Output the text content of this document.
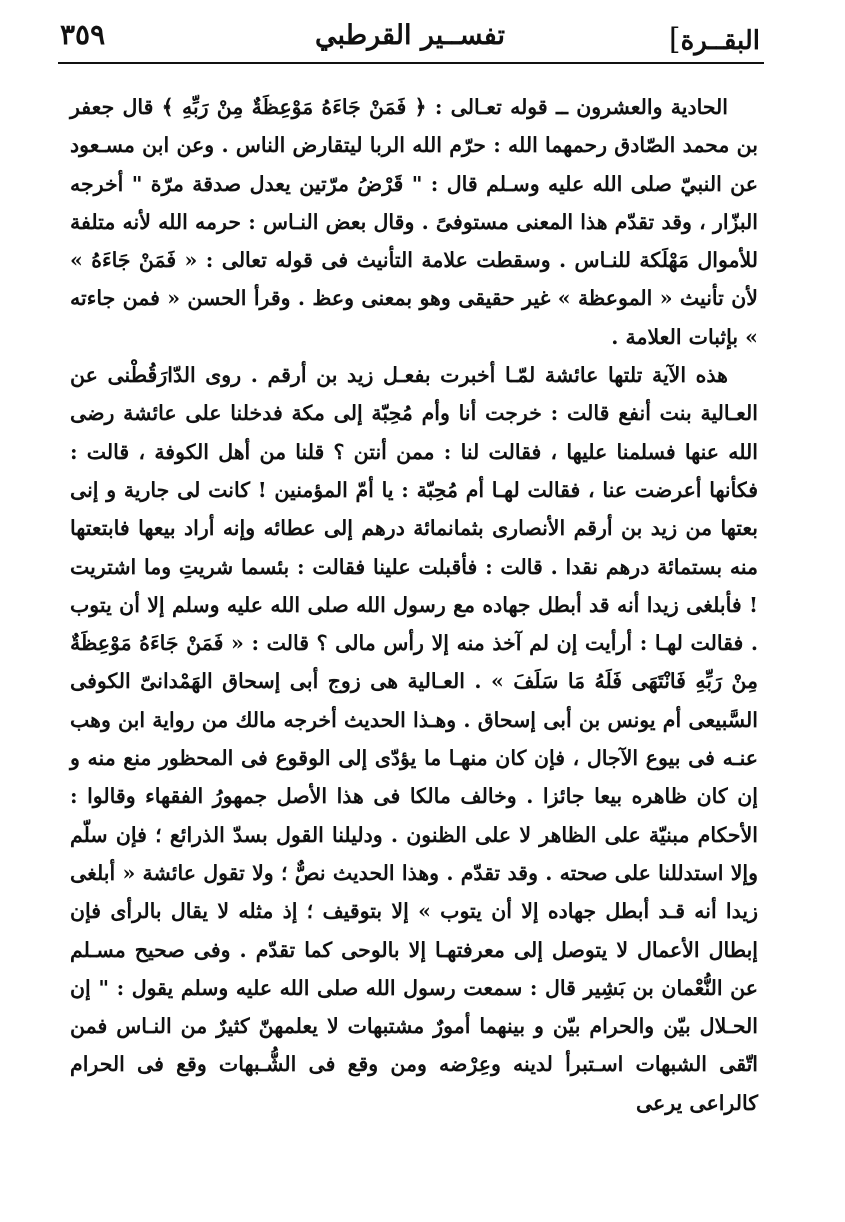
البقــرة]
تفســير القرطبي
٣٥٩

الحادية والعشرون ــ قوله تعـالى : ﴿ فَمَنْ جَاءَهُ مَوْعِظَةٌ مِنْ رَبِّهِ ﴾ قال جعفر بن محمد الصّادق رحمهما الله : حرّم الله الربا ليتقارض الناس . وعن ابن مسـعود عن النبيّ صلى الله عليه وسـلم قال : " قَرْضُ مرّتين يعدل صدقة مرّة " أخرجه البزّار ، وقد تقدّم هذا المعنى مستوفىً . وقال بعض النـاس : حرمه الله لأنه متلفة للأموال مَهْلَكة للنـاس . وسقطت علامة التأنيث فى قوله تعالى : « فَمَنْ جَاءَهُ » لأن تأنيث « الموعظة » غير حقيقى وهو بمعنى وعظ . وقرأ الحسن « فمن جاءته » بإثبات العلامة .

هذه الآية تلتها عائشة لمّـا أخبرت بفعـل زيد بن أرقم . روى الدّارَقُطْنى عن العـالية بنت أنفع قالت : خرجت أنا وأم مُحِبّة إلى مكة فدخلنا على عائشة رضى الله عنها فسلمنا عليها ، فقالت لنا : ممن أنتن ؟ قلنا من أهل الكوفة ، قالت : فكأنها أعرضت عنا ، فقالت لهـا أم مُحِبّة : يا أمّ المؤمنين ! كانت لى جارية و إنى بعتها من زيد بن أرقم الأنصارى بثمانمائة درهم إلى عطائه وإنه أراد بيعها فابتعتها منه بستمائة درهم نقدا . قالت : فأقبلت علينا فقالت : بئسما شريتِ وما اشتريت ! فأبلغى زيدا أنه قد أبطل جهاده مع رسول الله صلى الله عليه وسلم إلا أن يتوب . فقالت لهـا : أرأيت إن لم آخذ منه إلا رأس مالى ؟ قالت : « فَمَنْ جَاءَهُ مَوْعِظَةٌ مِنْ رَبِّهِ فَانْتَهَى فَلَهُ مَا سَلَفَ » . العـالية هى زوج أبى إسحاق الهَمْدانىّ الكوفى السَّبيعى أم يونس بن أبى إسحاق . وهـذا الحديث أخرجه مالك من رواية ابن وهب عنـه فى بيوع الآجال ، فإن كان منهـا ما يؤدّى إلى الوقوع فى المحظور منع منه و إن كان ظاهره بيعا جائزا . وخالف مالكا فى هذا الأصل جمهورُ الفقهاء وقالوا : الأحكام مبنيّة على الظاهر لا على الظنون . ودليلنا القول بسدّ الذرائع ؛ فإن سلّم وإلا استدللنا على صحته . وقد تقدّم . وهذا الحديث نصٌّ ؛ ولا تقول عائشة « أبلغى زيدا أنه قـد أبطل جهاده إلا أن يتوب » إلا بتوقيف ؛ إذ مثله لا يقال بالرأى فإن إبطال الأعمال لا يتوصل إلى معرفتهـا إلا بالوحى كما تقدّم . وفى صحيح مسـلم عن النُّعْمان بن بَشِير قال : سمعت رسول الله صلى الله عليه وسلم يقول : " إن الحـلال بيّن والحرام بيّن و بينهما أمورٌ مشتبهات لا يعلمهنّ كثيرٌ من النـاس فمن اتّقى الشبهات اسـتبرأ لدينه وعِرْضه ومن وقع فى الشُّـبهات وقع فى الحرام كالراعى يرعى
